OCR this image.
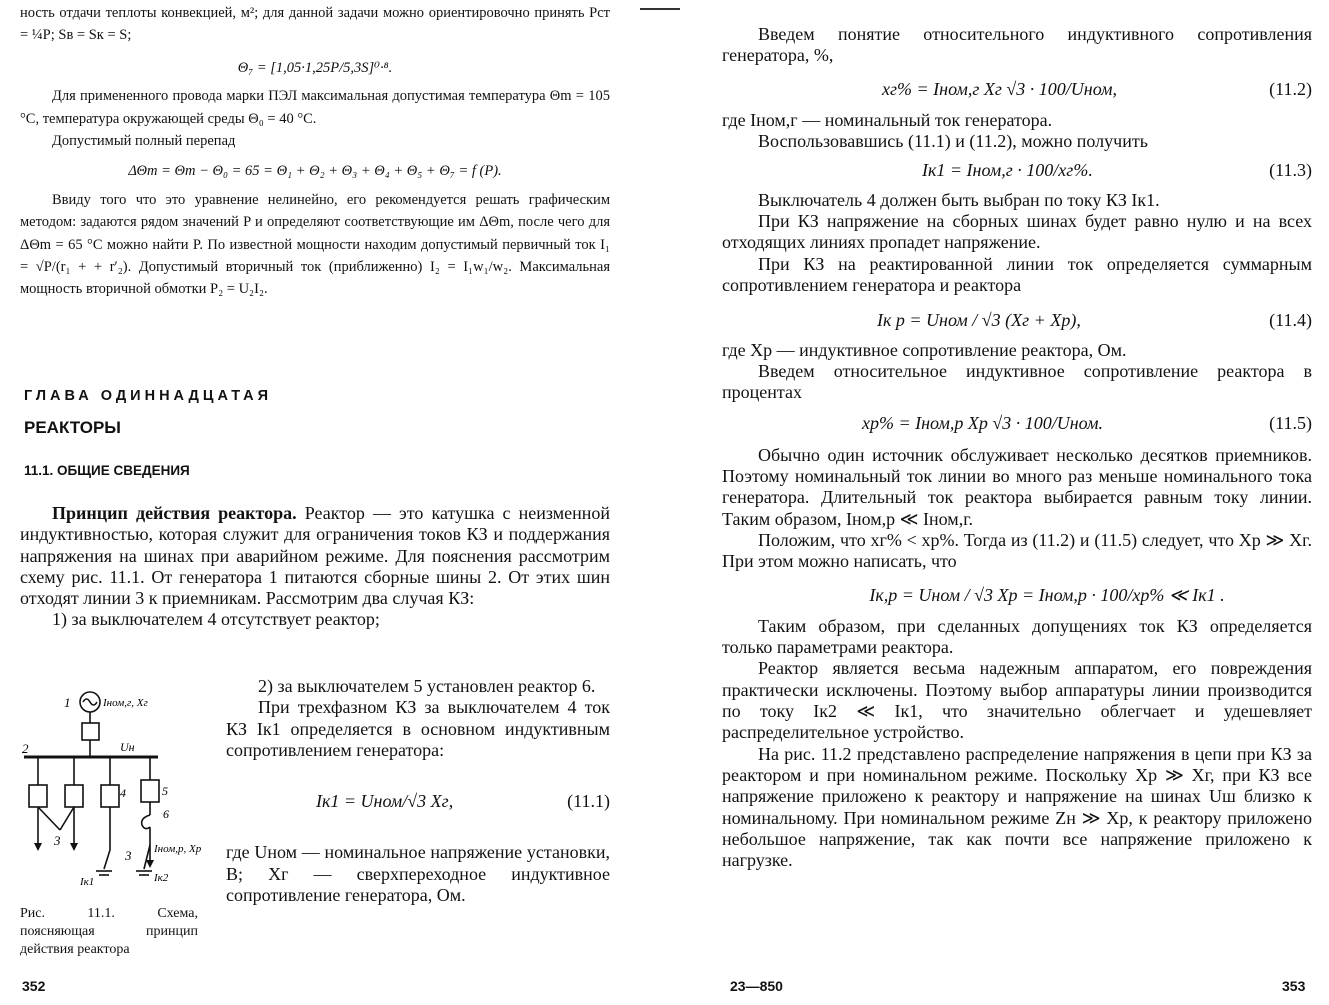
ность отдачи теплоты конвекцией, м²; для данной задачи можно ориентировочно принять Pст = ¼P; Sв = Sк = S;

Θ₇ = [1,05·1,25P/5,3S]⁰·⁸.

Для примененного провода марки ПЭЛ максимальная допустимая температура Θm = 105 °C, температура окружающей среды Θ₀ = 40 °C.

Допустимый полный перепад

ΔΘm = Θm − Θ₀ = 65 = Θ₁ + Θ₂ + Θ₃ + Θ₄ + Θ₅ + Θ₇ = f (P).

Ввиду того что это уравнение нелинейно, его рекомендуется решать графическим методом: задаются рядом значений P и определяют соответствующие им ΔΘm, после чего для ΔΘm = 65 °C можно найти P. По известной мощности находим допустимый первичный ток I₁ = √P/(r₁ + + r′₂). Допустимый вторичный ток (приближенно) I₂ = I₁w₁/w₂. Максимальная мощность вторичной обмотки P₂ = U₂I₂.

ГЛАВА ОДИННАДЦАТАЯ
РЕАКТОРЫ
11.1. ОБЩИЕ СВЕДЕНИЯ

Принцип действия реактора. Реактор — это катушка с неизменной индуктивностью, которая служит для ограничения токов КЗ и поддержания напряжения на шинах при аварийном режиме. Для пояснения рассмотрим схему рис. 11.1. От генератора 1 питаются сборные шины 2. От этих шин отходят линии 3 к приемникам. Рассмотрим два случая КЗ:

1) за выключателем 4 отсутствует реактор;

1	Iном,г, Xг
2	Uн
3
4	5
6
3 Iном,р, Xр
Iк1	Iк2
Рис. 11.1. Схема, поясняющая принцип действия реактора

2) за выключателем 5 установлен реактор 6.

При трехфазном КЗ за выключателем 4 ток КЗ Iк1 определяется в основном индуктивным сопротивлением генератора:

Iк1 = Uном/√3 Xг,	(11.1)

где Uном — номинальное напряжение установки, В; Xг — сверхпереходное индуктивное сопротивление генератора, Ом.

352

Введем понятие относительного индуктивного сопротивления генератора, %,

xг% = Iном,г Xг √3 · 100/Uном,	(11.2)

где Iном,г — номинальный ток генератора.

Воспользовавшись (11.1) и (11.2), можно получить

Iк1 = Iном,г · 100/xг%.	(11.3)

Выключатель 4 должен быть выбран по току КЗ Iк1.

При КЗ напряжение на сборных шинах будет равно нулю и на всех отходящих линиях пропадет напряжение.

При КЗ на реактированной линии ток определяется суммарным сопротивлением генератора и реактора

Iк р = Uном / √3 (Xг + Xр),	(11.4)

где Xр — индуктивное сопротивление реактора, Ом.

Введем относительное индуктивное сопротивление реактора в процентах

xр% = Iном,р Xр √3 · 100/Uном.	(11.5)

Обычно один источник обслуживает несколько десятков приемников. Поэтому номинальный ток линии во много раз меньше номинального тока генератора. Длительный ток реактора выбирается равным току линии. Таким образом, Iном,р ≪ Iном,г.

Положим, что xг% < xр%. Тогда из (11.2) и (11.5) следует, что Xр ≫ Xг. При этом можно написать, что

Iк,р = Uном / √3 Xр = Iном,р · 100/xр% ≪ Iк1 .

Таким образом, при сделанных допущениях ток КЗ определяется только параметрами реактора.

Реактор является весьма надежным аппаратом, его повреждения практически исключены. Поэтому выбор аппаратуры линии производится по току Iк2 ≪ Iк1, что значительно облегчает и удешевляет распределительное устройство.

На рис. 11.2 представлено распределение напряжения в цепи при КЗ за реактором и при номинальном режиме. Поскольку Xр ≫ Xг, при КЗ все напряжение приложено к реактору и напряжение на шинах Uш близко к номинальному. При номинальном режиме Zн ≫ Xр, к реактору приложено небольшое напряжение, так как почти все напряжение приложено к нагрузке.

23—850	353
